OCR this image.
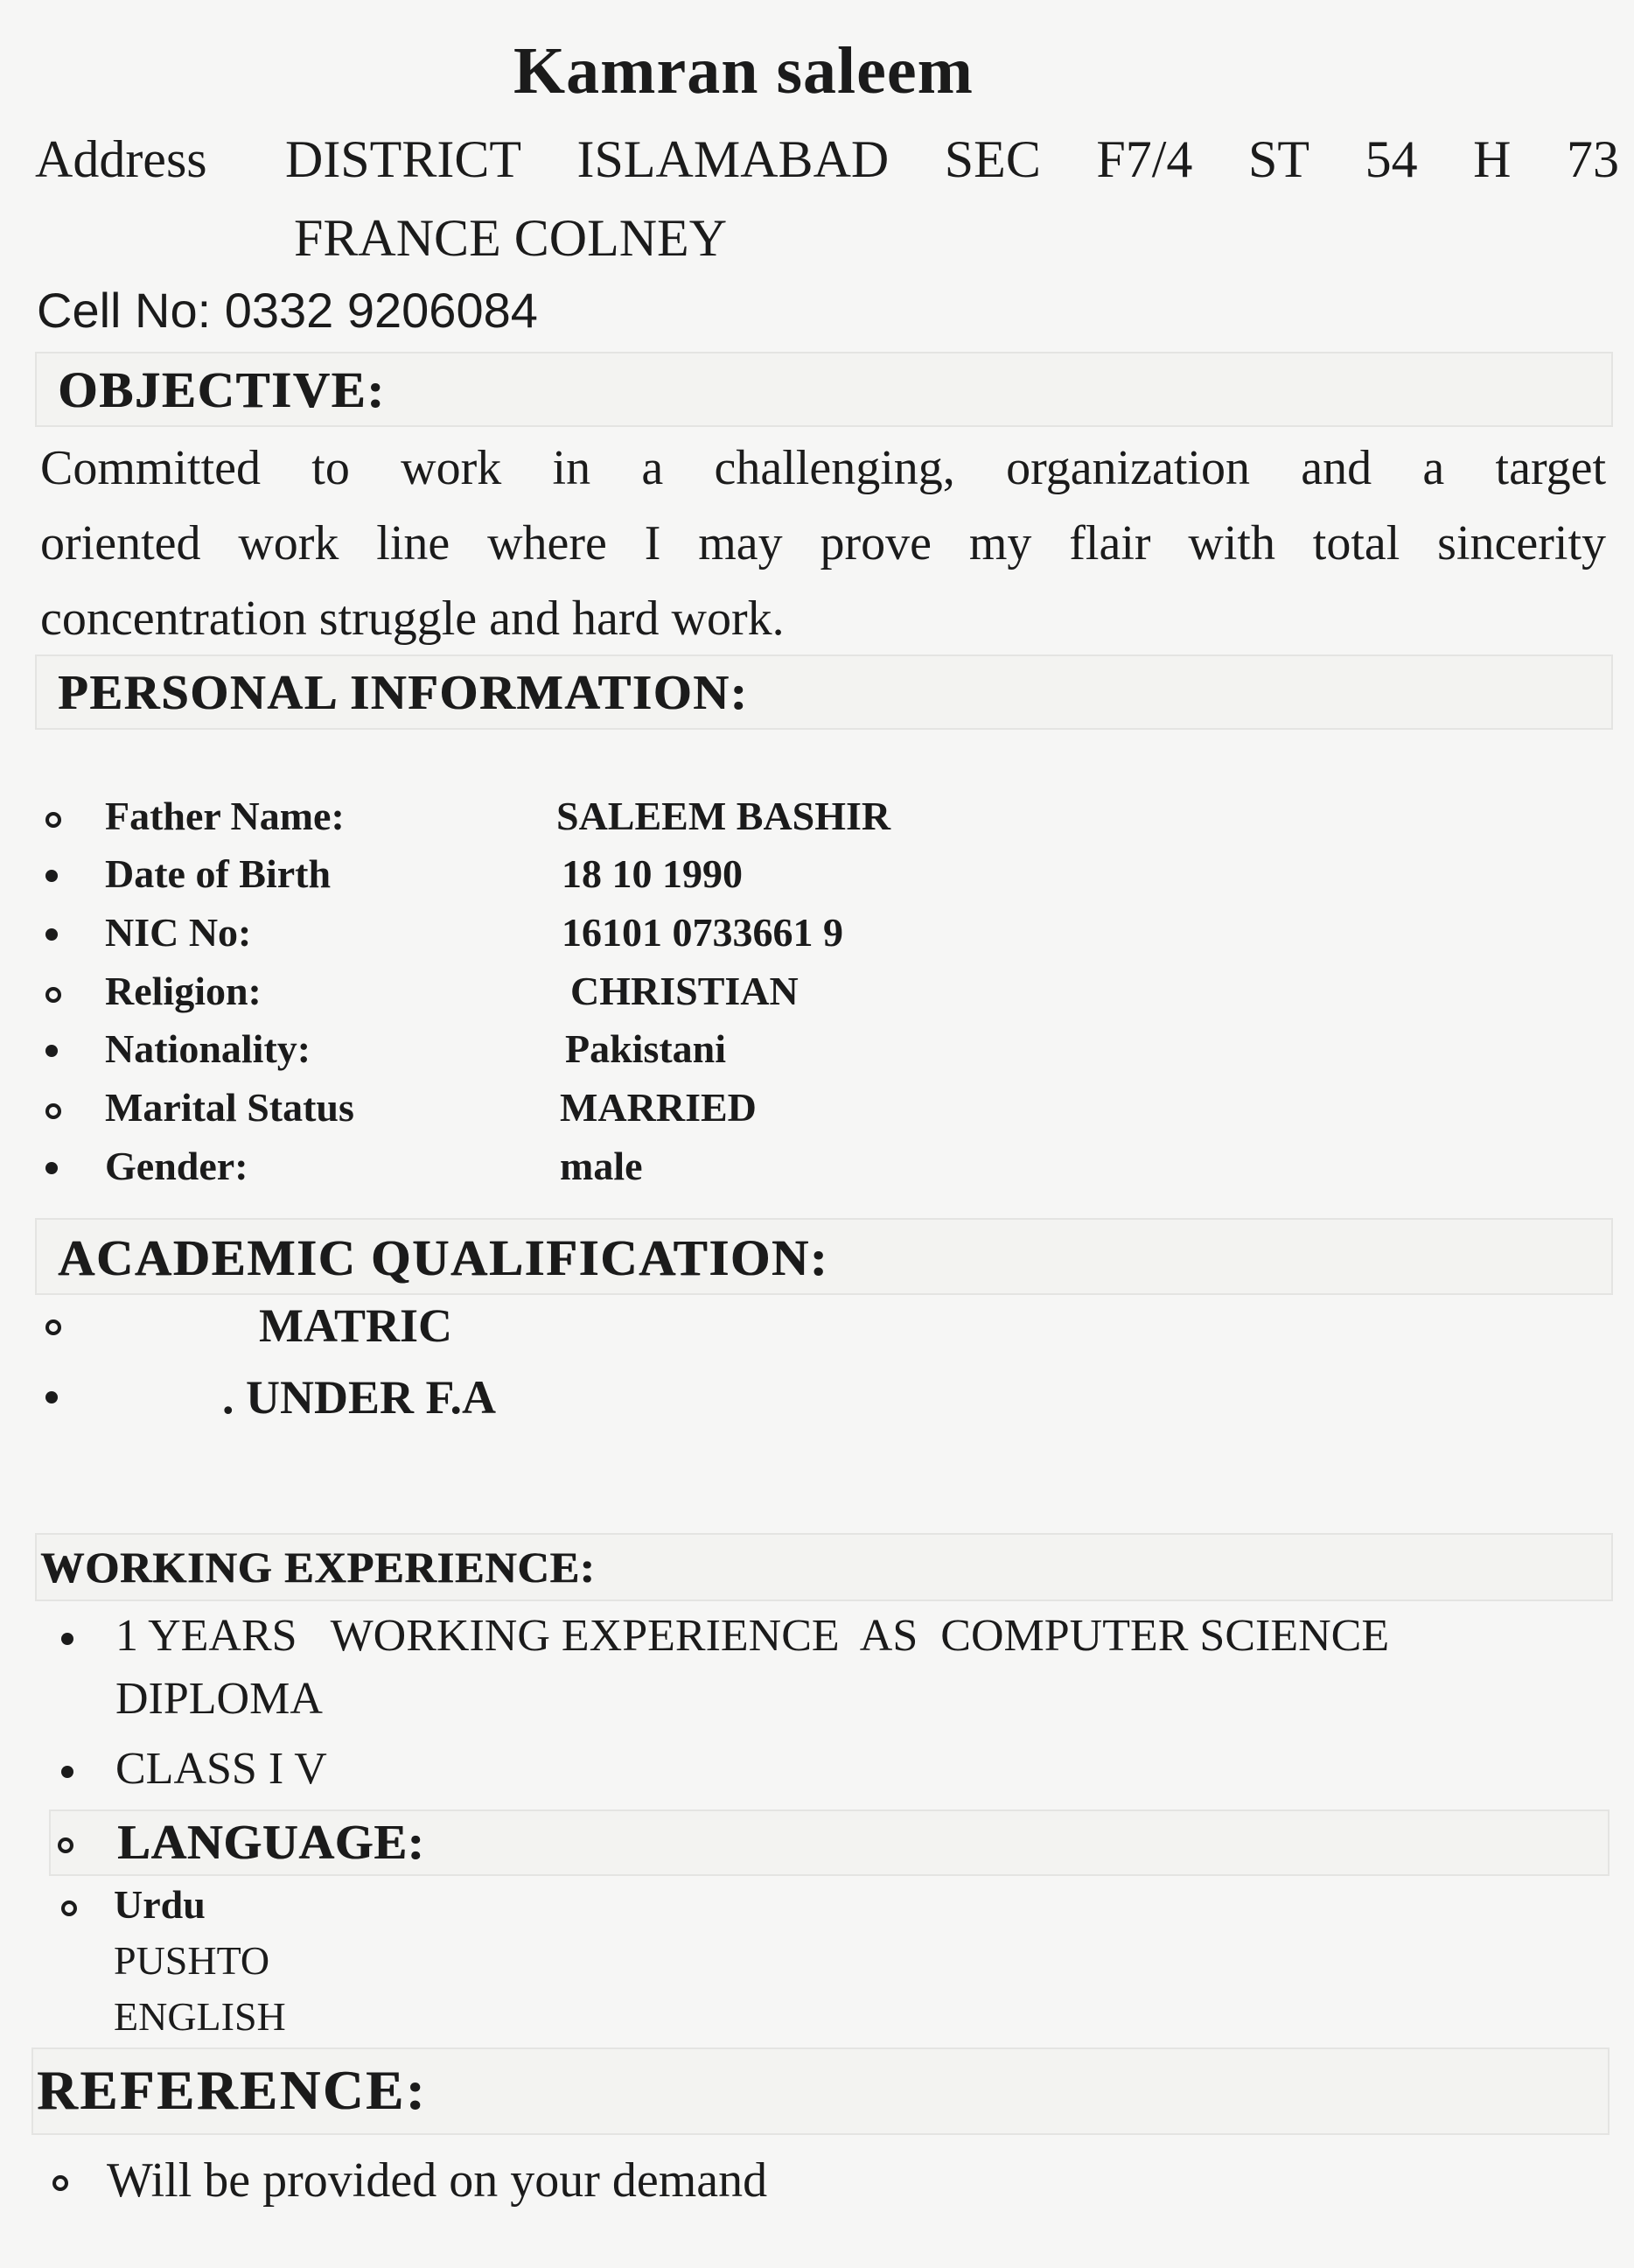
Kamran saleem
Address DISTRICT ISLAMABAD SEC F7/4 ST 54 H 73
FRANCE COLNEY
Cell No: 0332 9206084
OBJECTIVE:
Committed to work in a challenging, organization and a target
oriented work line where I may prove my flair with total sincerity
concentration struggle and hard work.
PERSONAL INFORMATION:
Father Name:	SALEEM BASHIR
Date of Birth	18 10 1990
NIC No:	16101 0733661 9
Religion:	CHRISTIAN
Nationality:	Pakistani
Marital Status	MARRIED
Gender:	male
ACADEMIC QUALIFICATION:
MATRIC
. UNDER F.A
WORKING EXPERIENCE:
1 YEARS   WORKING EXPERIENCE  AS  COMPUTER SCIENCE
DIPLOMA
CLASS I V
LANGUAGE:
Urdu
PUSHTO
ENGLISH
REFERENCE:
Will be provided on your demand
